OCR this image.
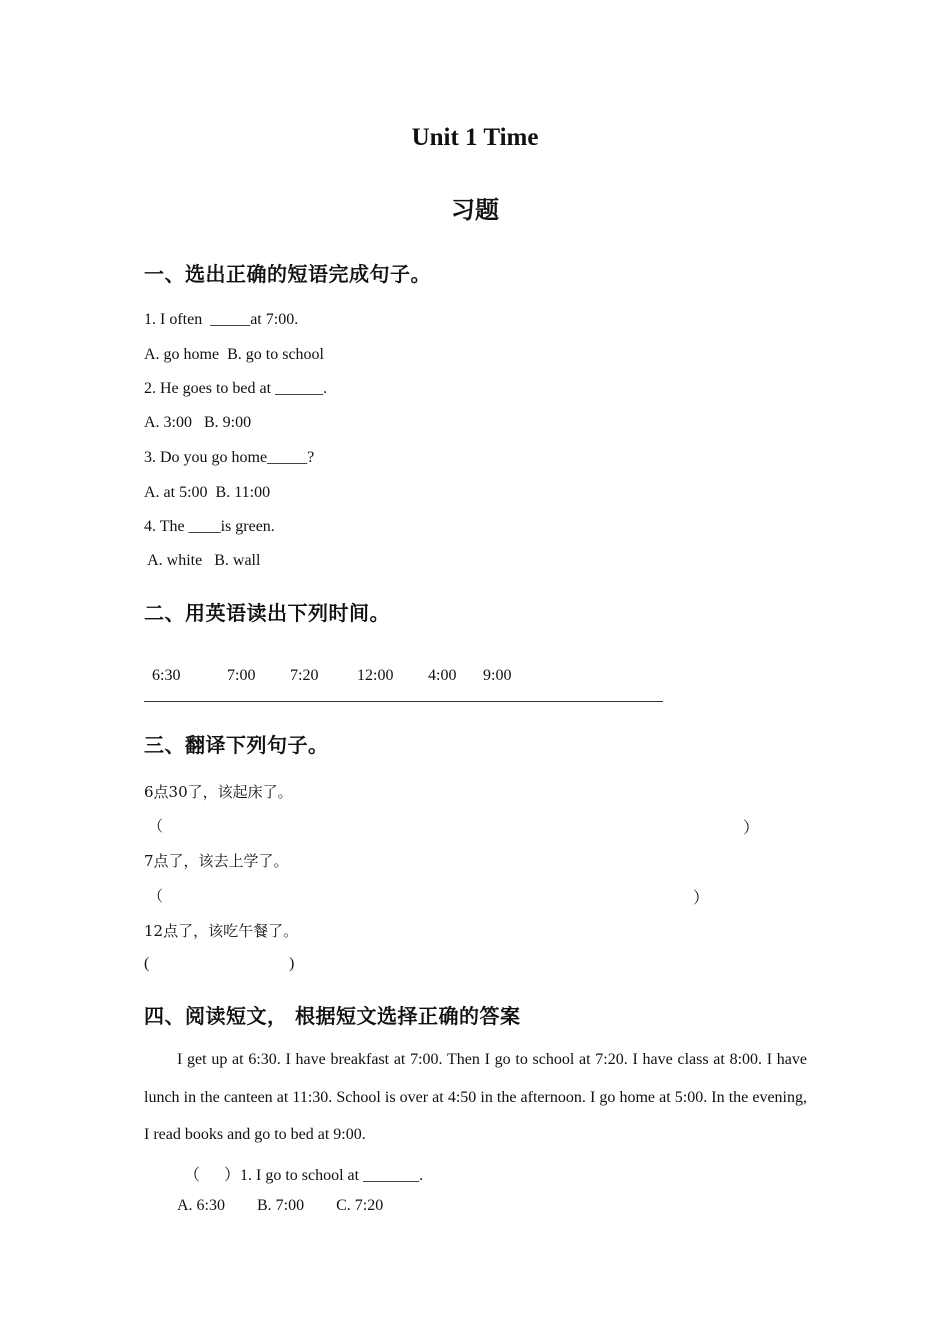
Unit 1 Time
习题
一、选出正确的短语完成句子。
1. I often  _____at 7:00.
A. go home  B. go to school
2. He goes to bed at ______.
A. 3:00   B. 9:00
3. Do you go home_____?
A. at 5:00  B. 11:00
4. The ____is green.
A. white   B. wall
二、用英语读出下列时间。

6:30	7:00 7:20 12:00 4:00 9:00

三、翻译下列句子。
6点30了，该起床了。
（	）
7点了，该去上学了。
（	）
12点了，该吃午餐了。
(	)
四、阅读短文， 根据短文选择正确的答案
I get up at 6:30. I have breakfast at 7:00. Then I go to school at 7:20. I have class at 8:00. I have lunch in the canteen at 11:30. School is over at 4:50 in the afternoon. I go home at 5:00. In the evening, I read books and go to bed at 9:00.
（      ）1. I go to school at _______.
A. 6:30        B. 7:00        C. 7:20
